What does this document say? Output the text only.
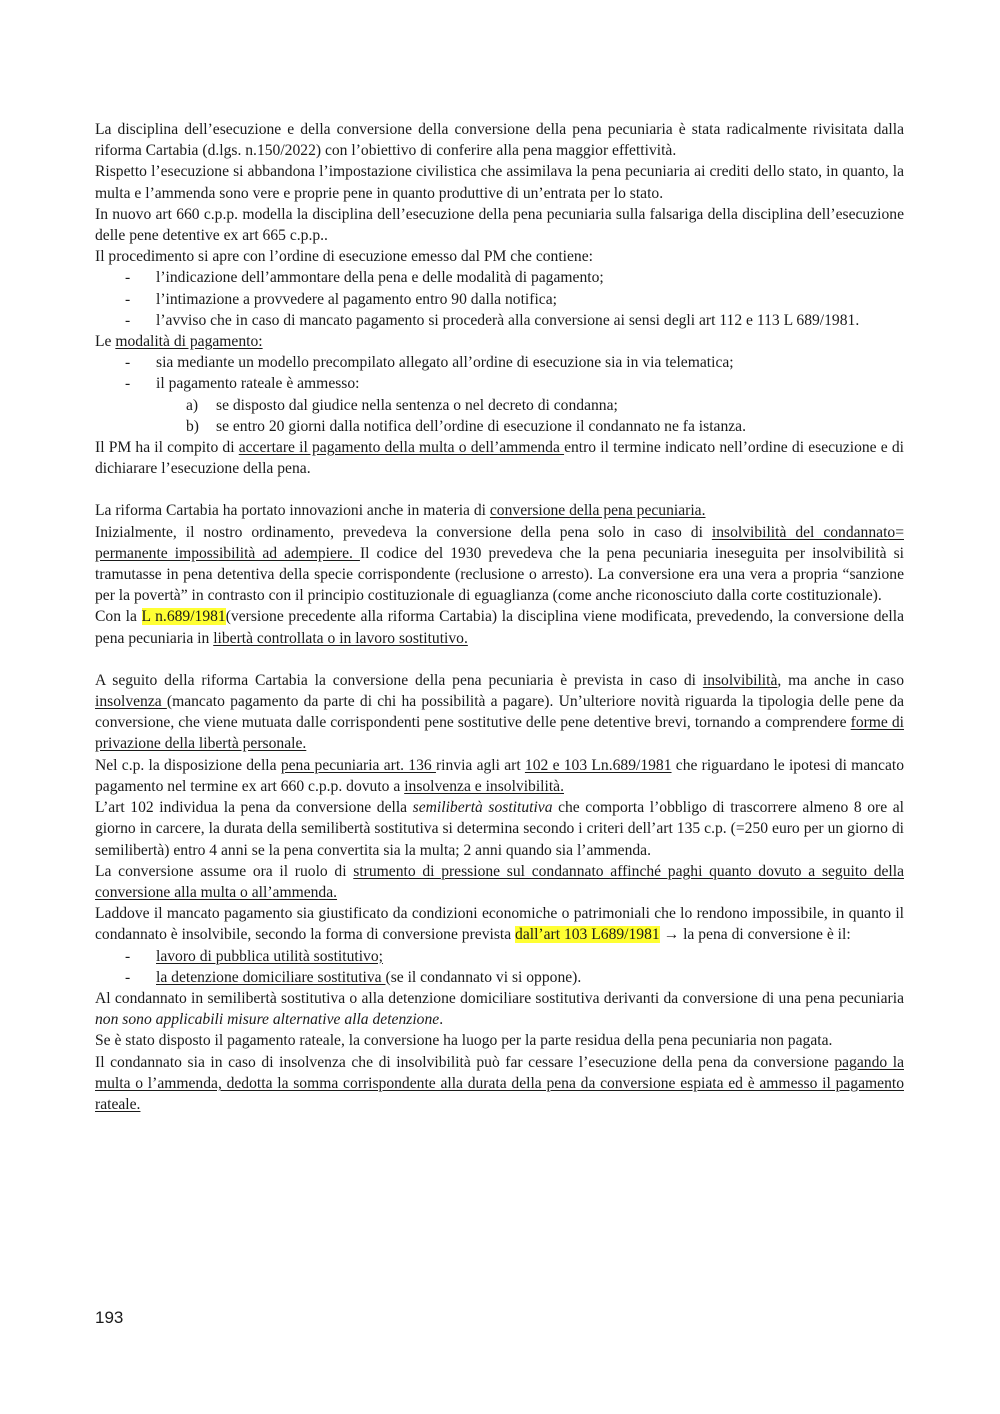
La disciplina dell’esecuzione e della conversione della conversione della pena pecuniaria è stata radicalmente rivisitata dalla riforma Cartabia (d.lgs. n.150/2022) con l’obiettivo di conferire alla pena maggior effettività.

Rispetto l’esecuzione si abbandona l’impostazione civilistica che assimilava la pena pecuniaria ai crediti dello stato, in quanto, la multa e l’ammenda sono vere e proprie pene in quanto produttive di un’entrata per lo stato.

In nuovo art 660 c.p.p. modella la disciplina dell’esecuzione della pena pecuniaria sulla falsariga della disciplina dell’esecuzione delle pene detentive ex art 665 c.p.p..

Il procedimento si apre con l’ordine di esecuzione emesso dal PM che contiene:

- l’indicazione dell’ammontare della pena e delle modalità di pagamento;
- l’intimazione a provvedere al pagamento entro 90 dalla notifica;
- l’avviso che in caso di mancato pagamento si procederà alla conversione ai sensi degli art 112 e 113 L 689/1981.

Le modalità di pagamento:

- sia mediante un modello precompilato allegato all’ordine di esecuzione sia in via telematica;
- il pagamento rateale è ammesso:
a) se disposto dal giudice nella sentenza o nel decreto di condanna;
b) se entro 20 giorni dalla notifica dell’ordine di esecuzione il condannato ne fa istanza.

Il PM ha il compito di accertare il pagamento della multa o dell’ammenda entro il termine indicato nell’ordine di esecuzione e di dichiarare l’esecuzione della pena.

La riforma Cartabia ha portato innovazioni anche in materia di conversione della pena pecuniaria.

Inizialmente, il nostro ordinamento, prevedeva la conversione della pena solo in caso di insolvibilità del condannato= permanente impossibilità ad adempiere. Il codice del 1930 prevedeva che la pena pecuniaria ineseguita per insolvibilità si tramutasse in pena detentiva della specie corrispondente (reclusione o arresto). La conversione era una vera a propria “sanzione per la povertà” in contrasto con il principio costituzionale di eguaglianza (come anche riconosciuto dalla corte costituzionale).

Con la L n.689/1981(versione precedente alla riforma Cartabia) la disciplina viene modificata, prevedendo, la conversione della pena pecuniaria in libertà controllata o in lavoro sostitutivo.

A seguito della riforma Cartabia la conversione della pena pecuniaria è prevista in caso di insolvibilità, ma anche in caso insolvenza (mancato pagamento da parte di chi ha possibilità a pagare). Un’ulteriore novità riguarda la tipologia delle pene da conversione, che viene mutuata dalle corrispondenti pene sostitutive delle pene detentive brevi, tornando a comprendere forme di privazione della libertà personale.

Nel c.p. la disposizione della pena pecuniaria art. 136 rinvia agli art 102 e 103 Ln.689/1981 che riguardano le ipotesi di mancato pagamento nel termine ex art 660 c.p.p. dovuto a insolvenza e insolvibilità.

L’art 102 individua la pena da conversione della semilibertà sostitutiva che comporta l’obbligo di trascorrere almeno 8 ore al giorno in carcere, la durata della semilibertà sostitutiva si determina secondo i criteri dell’art 135 c.p. (=250 euro per un giorno di semilibertà) entro 4 anni se la pena convertita sia la multa; 2 anni quando sia l’ammenda.

La conversione assume ora il ruolo di strumento di pressione sul condannato affinché paghi quanto dovuto a seguito della conversione alla multa o all’ammenda.

Laddove il mancato pagamento sia giustificato da condizioni economiche o patrimoniali che lo rendono impossibile, in quanto il condannato è insolvibile, secondo la forma di conversione prevista dall’art 103 L689/1981 → la pena di conversione è il:

- lavoro di pubblica utilità sostitutivo;
- la detenzione domiciliare sostitutiva (se il condannato vi si oppone).

Al condannato in semilibertà sostitutiva o alla detenzione domiciliare sostitutiva derivanti da conversione di una pena pecuniaria non sono applicabili misure alternative alla detenzione.

Se è stato disposto il pagamento rateale, la conversione ha luogo per la parte residua della pena pecuniaria non pagata.

Il condannato sia in caso di insolvenza che di insolvibilità può far cessare l’esecuzione della pena da conversione pagando la multa o l’ammenda, dedotta la somma corrispondente alla durata della pena da conversione espiata ed è ammesso il pagamento rateale.

193
